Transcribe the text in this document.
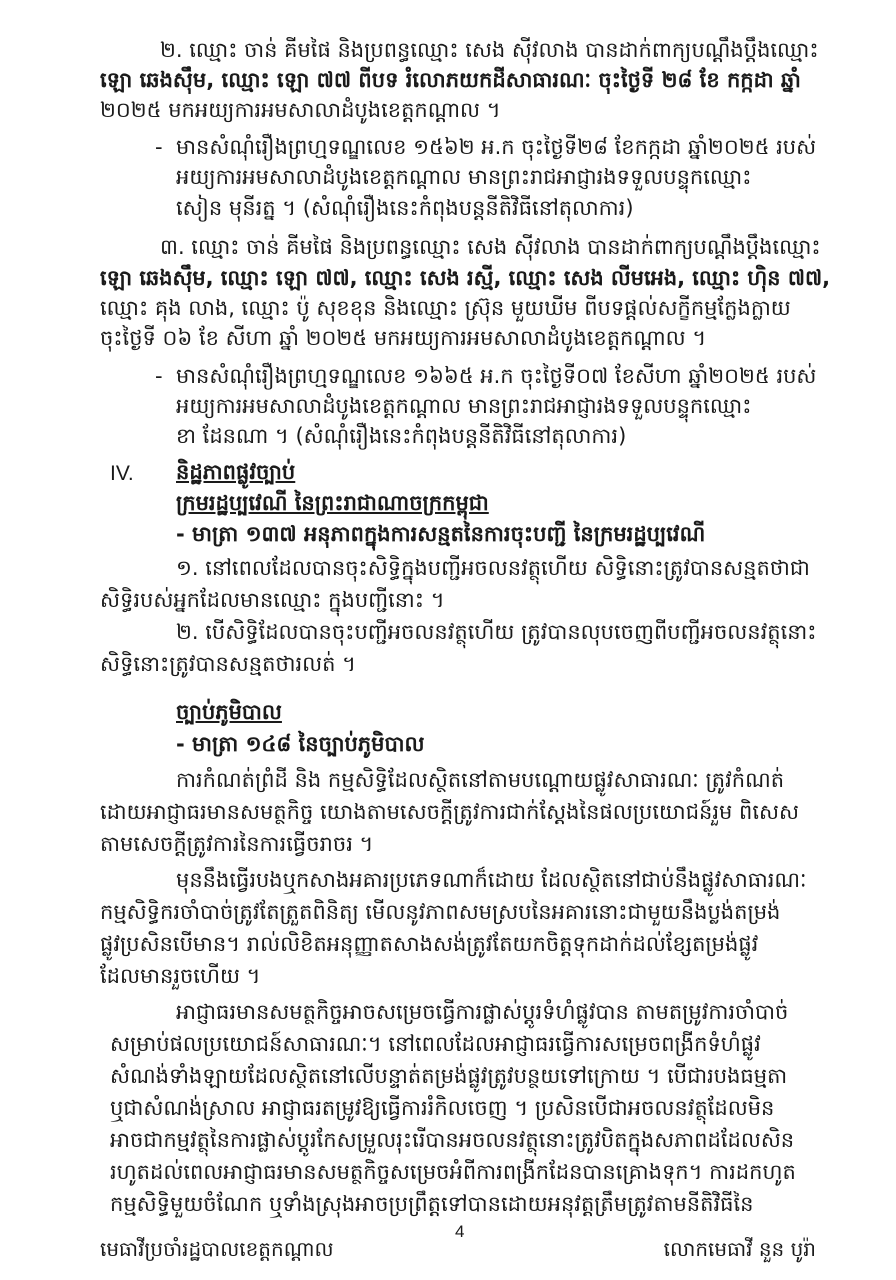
២. ឈ្មោះ ចាន់ គីមផៃ និងប្រពន្ធឈ្មោះ សេង ស៊ីវលាង បានដាក់ពាក្យបណ្ដឹងប្ដឹងឈ្មោះ
ឡោ ឆេងស៊ឹម, ឈ្មោះ ឡោ ៧៧ ពីបទ រំលោភយកដីសាធារណៈ ចុះថ្ងៃទី ២៨ ខែ កក្កដា ឆ្នាំ
២០២៥ មកអយ្យការអមសាលាដំបូងខេត្តកណ្ដាល ។
- មានសំណុំរឿងព្រហ្មទណ្ឌលេខ ១៥៦២ អ.ក ចុះថ្ងៃទី២៨ ខែកក្កដា ឆ្នាំ២០២៥ របស់
អយ្យការអមសាលាដំបូងខេត្តកណ្ដាល មានព្រះរាជអាជ្ញារងទទួលបន្ទុកឈ្មោះ
សៀន មុនីរត្ន ។ (សំណុំរឿងនេះកំពុងបន្តនីតិវិធីនៅតុលាការ)
៣. ឈ្មោះ ចាន់ គីមផៃ និងប្រពន្ធឈ្មោះ សេង ស៊ីវលាង បានដាក់ពាក្យបណ្ដឹងប្ដឹងឈ្មោះ
ឡោ ឆេងស៊ឹម, ឈ្មោះ ឡោ ៧៧, ឈ្មោះ សេង រស្មី, ឈ្មោះ សេង លីមអេង, ឈ្មោះ ហ៊ិន ៧៧,
ឈ្មោះ គុង លាង, ឈ្មោះ ប៉ូ សុខខុន និងឈ្មោះ ស្រ៊ុន មួយឃីម ពីបទផ្ដល់សក្ខីកម្មក្លែងក្លាយ
ចុះថ្ងៃទី ០៦ ខែ សីហា ឆ្នាំ ២០២៥ មកអយ្យការអមសាលាដំបូងខេត្តកណ្ដាល ។
- មានសំណុំរឿងព្រហ្មទណ្ឌលេខ ១៦៦៥ អ.ក ចុះថ្ងៃទី០៧ ខែសីហា ឆ្នាំ២០២៥ របស់
អយ្យការអមសាលាដំបូងខេត្តកណ្ដាល មានព្រះរាជអាជ្ញារងទទួលបន្ទុកឈ្មោះ
ខា ដែនណា ។ (សំណុំរឿងនេះកំពុងបន្តនីតិវិធីនៅតុលាការ)
IV. និដ្ឋភាពផ្លូវច្បាប់
ក្រមរដ្ឋប្បវេណី នៃព្រះរាជាណាចក្រកម្ពុជា
- មាត្រា ១៣៧ អនុភាពក្នុងការសន្មតនៃការចុះបញ្ជី នៃក្រមរដ្ឋប្បវេណី
១. នៅពេលដែលបានចុះសិទ្ធិក្នុងបញ្ជីអចលនវត្ថុហើយ សិទ្ធិនោះត្រូវបានសន្មតថាជា
សិទ្ធិរបស់អ្នកដែលមានឈ្មោះ ក្នុងបញ្ជីនោះ ។
២. បើសិទ្ធិដែលបានចុះបញ្ជីអចលនវត្ថុហើយ ត្រូវបានលុបចេញពីបញ្ជីអចលនវត្ថុនោះ
សិទ្ធិនោះត្រូវបានសន្មតថារលត់ ។
ច្បាប់ភូមិបាល
- មាត្រា ១៤៨ នៃច្បាប់ភូមិបាល
ការកំណត់ព្រំដី និង កម្មសិទ្ធិដែលស្ថិតនៅតាមបណ្ដោយផ្លូវសាធារណៈ ត្រូវកំណត់
ដោយអាជ្ញាធរមានសមត្ថកិច្ច យោងតាមសេចក្ដីត្រូវការជាក់ស្ដែងនៃផលប្រយោជន៍រួម ពិសេស
តាមសេចក្ដីត្រូវការនៃការធ្វើចរាចរ ។
មុននឹងធ្វើរបងឬកសាងអគារប្រភេទណាក៏ដោយ ដែលស្ថិតនៅជាប់នឹងផ្លូវសាធារណៈ
កម្មសិទ្ធិករចាំបាច់ត្រូវតែត្រួតពិនិត្យ មើលនូវភាពសមស្របនៃអគារនោះជាមួយនឹងប្លង់តម្រង់
ផ្លូវប្រសិនបើមាន។ រាល់លិខិតអនុញ្ញាតសាងសង់ត្រូវតែយកចិត្តទុកដាក់ដល់ខ្សែតម្រង់ផ្លូវ
ដែលមានរួចហើយ ។
អាជ្ញាធរមានសមត្ថកិច្ចអាចសម្រេចធ្វើការផ្លាស់ប្ដូរទំហំផ្លូវបាន តាមតម្រូវការចាំបាច់
សម្រាប់ផលប្រយោជន៍សាធារណៈ។ នៅពេលដែលអាជ្ញាធរធ្វើការសម្រេចពង្រីកទំហំផ្លូវ
សំណង់ទាំងឡាយដែលស្ថិតនៅលើបន្ទាត់តម្រង់ផ្លូវត្រូវបន្ថយទៅក្រោយ ។ បើជារបងធម្មតា
ឬជាសំណង់ស្រាល អាជ្ញាធរតម្រូវឱ្យធ្វើការរំកិលចេញ ។ ប្រសិនបើជាអចលនវត្ថុដែលមិន
អាចជាកម្មវត្ថុនៃការផ្លាស់ប្ដូរកែសម្រួលរុះរើបានអចលនវត្ថុនោះត្រូវបិតក្នុងសភាពដដែលសិន
រហូតដល់ពេលអាជ្ញាធរមានសមត្ថកិច្ចសម្រេចអំពីការពង្រីកដែនបានគ្រោងទុក។ ការដកហូត
កម្មសិទ្ធិមួយចំណែក ឬទាំងស្រុងអាចប្រព្រឹត្តទៅបានដោយអនុវត្តត្រឹមត្រូវតាមនីតិវិធីនៃ
មេធាវីប្រចាំរដ្ឋបាលខេត្តកណ្ដាល
4
លោកមេធាវី នួន បូរ៉ា
